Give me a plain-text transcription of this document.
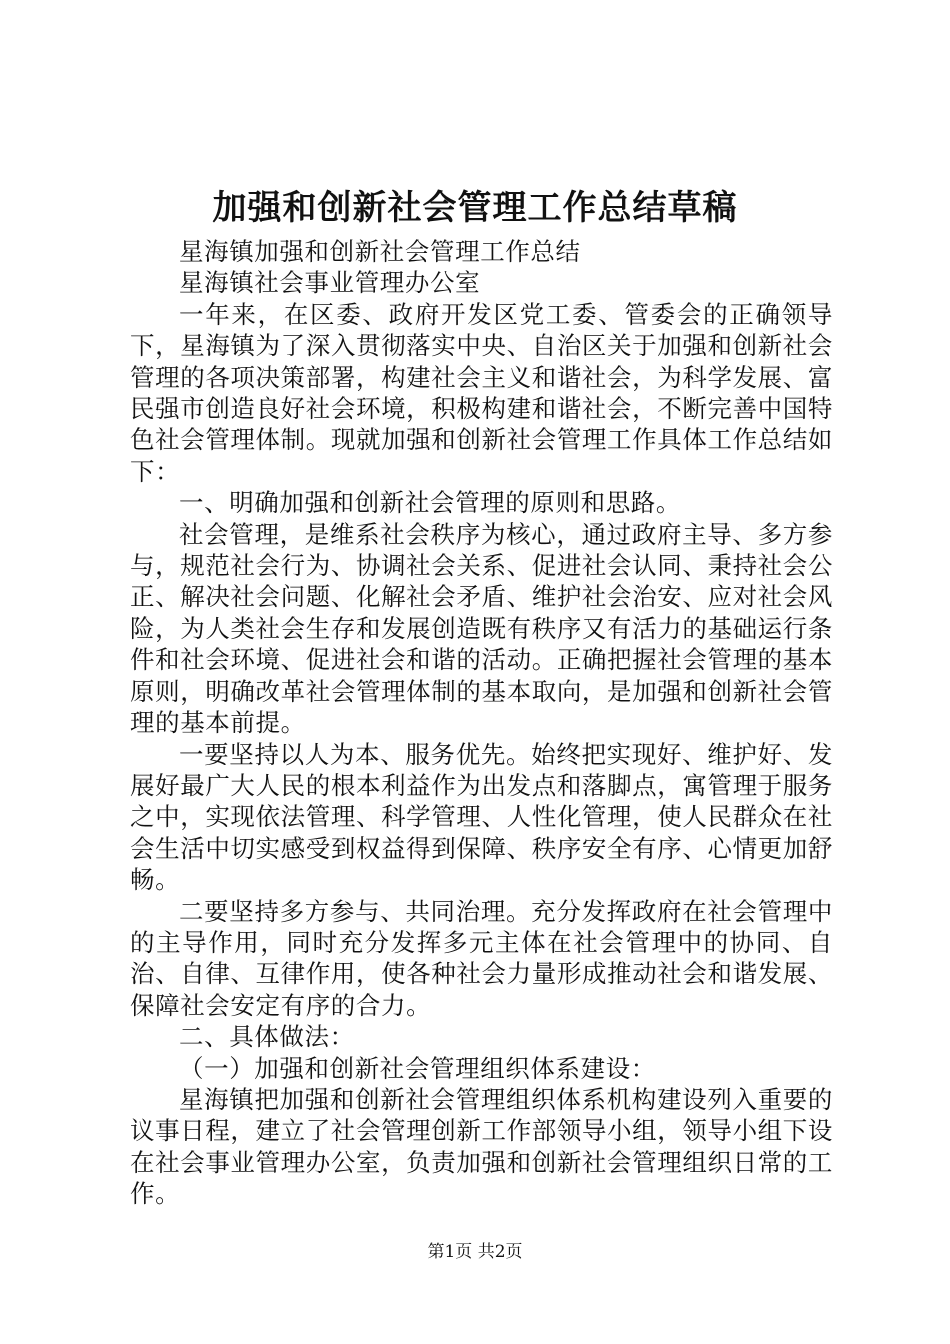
加强和创新社会管理工作总结草稿

星海镇加强和创新社会管理工作总结

星海镇社会事业管理办公室

一年来，在区委、政府开发区党工委、管委会的正确领导下，星海镇为了深入贯彻落实中央、自治区关于加强和创新社会管理的各项决策部署，构建社会主义和谐社会，为科学发展、富民强市创造良好社会环境，积极构建和谐社会，不断完善中国特色社会管理体制。现就加强和创新社会管理工作具体工作总结如下：

一、明确加强和创新社会管理的原则和思路。

社会管理，是维系社会秩序为核心，通过政府主导、多方参与，规范社会行为、协调社会关系、促进社会认同、秉持社会公正、解决社会问题、化解社会矛盾、维护社会治安、应对社会风险，为人类社会生存和发展创造既有秩序又有活力的基础运行条件和社会环境、促进社会和谐的活动。正确把握社会管理的基本原则，明确改革社会管理体制的基本取向，是加强和创新社会管理的基本前提。

一要坚持以人为本、服务优先。始终把实现好、维护好、发展好最广大人民的根本利益作为出发点和落脚点，寓管理于服务之中，实现依法管理、科学管理、人性化管理，使人民群众在社会生活中切实感受到权益得到保障、秩序安全有序、心情更加舒畅。

二要坚持多方参与、共同治理。充分发挥政府在社会管理中的主导作用，同时充分发挥多元主体在社会管理中的协同、自治、自律、互律作用，使各种社会力量形成推动社会和谐发展、保障社会安定有序的合力。

二、具体做法：

（一）加强和创新社会管理组织体系建设：

星海镇把加强和创新社会管理组织体系机构建设列入重要的议事日程，建立了社会管理创新工作部领导小组，领导小组下设在社会事业管理办公室，负责加强和创新社会管理组织日常的工作。

第1页 共2页
